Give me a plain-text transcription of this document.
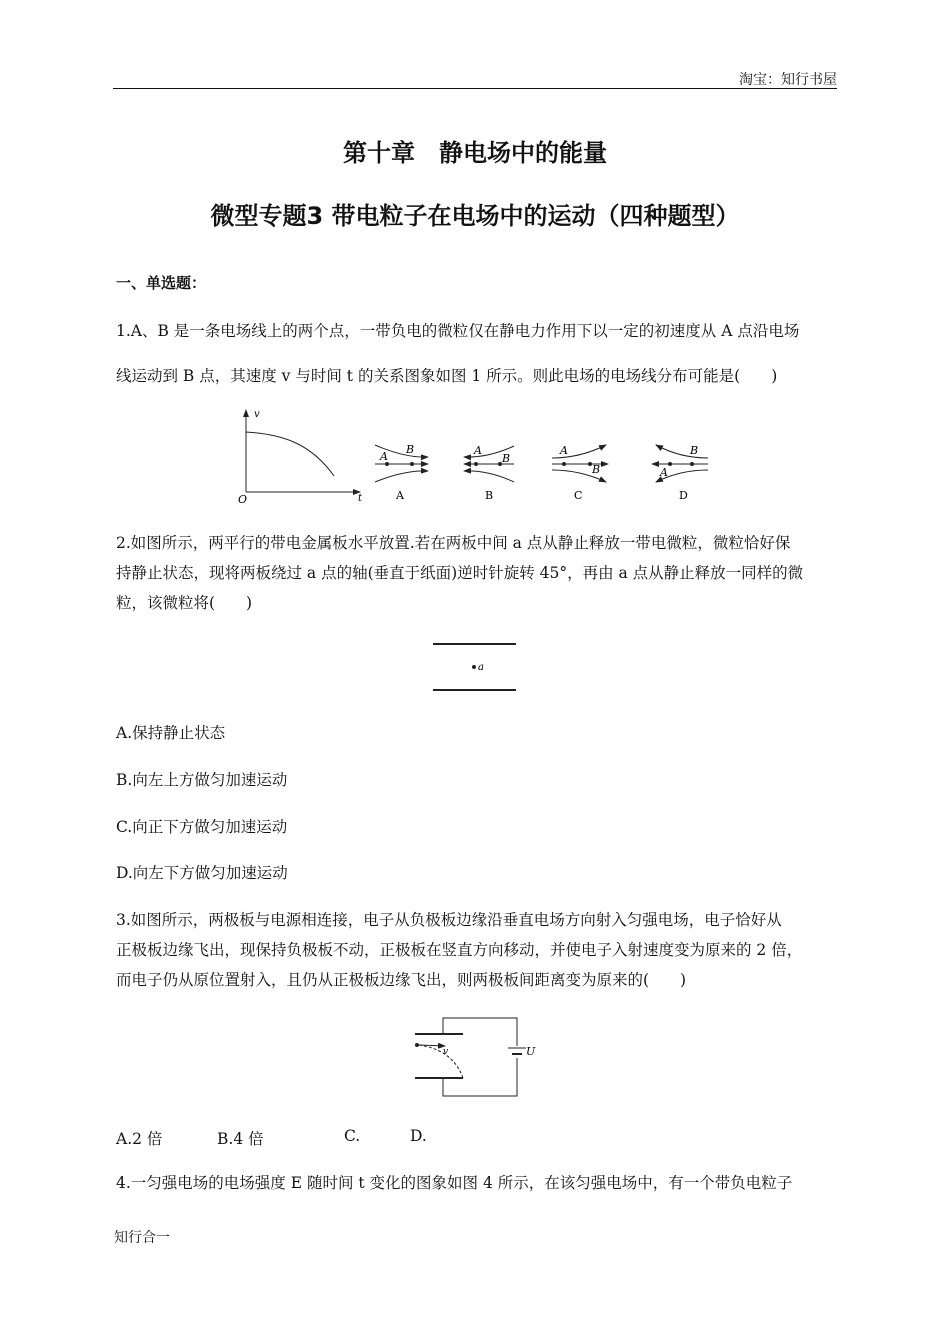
淘宝：知行书屋
第十章　静电场中的能量
微型专题3 带电粒子在电场中的运动（四种题型）
一、单选题：
1.A、B 是一条电场线上的两个点，一带负电的微粒仅在静电力作用下以一定的初速度从 A 点沿电场
线运动到 B 点，其速度 v 与时间 t 的关系图象如图 1 所示。则此电场的电场线分布可能是(　　)
v
O	t
A
B
A
A
B
B
A
B
C
A
B
D
2.如图所示，两平行的带电金属板水平放置.若在两板中间 a 点从静止释放一带电微粒，微粒恰好保
持静止状态，现将两板绕过 a 点的轴(垂直于纸面)逆时针旋转 45°，再由 a 点从静止释放一同样的微
粒，该微粒将(　　)
a
A.保持静止状态
B.向左上方做匀加速运动
C.向正下方做匀加速运动
D.向左下方做匀加速运动
3.如图所示，两极板与电源相连接，电子从负极板边缘沿垂直电场方向射入匀强电场，电子恰好从
正极板边缘飞出，现保持负极板不动，正极板在竖直方向移动，并使电子入射速度变为原来的 2 倍，
而电子仍从原位置射入，且仍从正极板边缘飞出，则两极板间距离变为原来的(　　)
U
v
A.2 倍	B.4 倍	C.	D.
4.一匀强电场的电场强度 E 随时间 t 变化的图象如图 4 所示，在该匀强电场中，有一个带负电粒子
知行合一
